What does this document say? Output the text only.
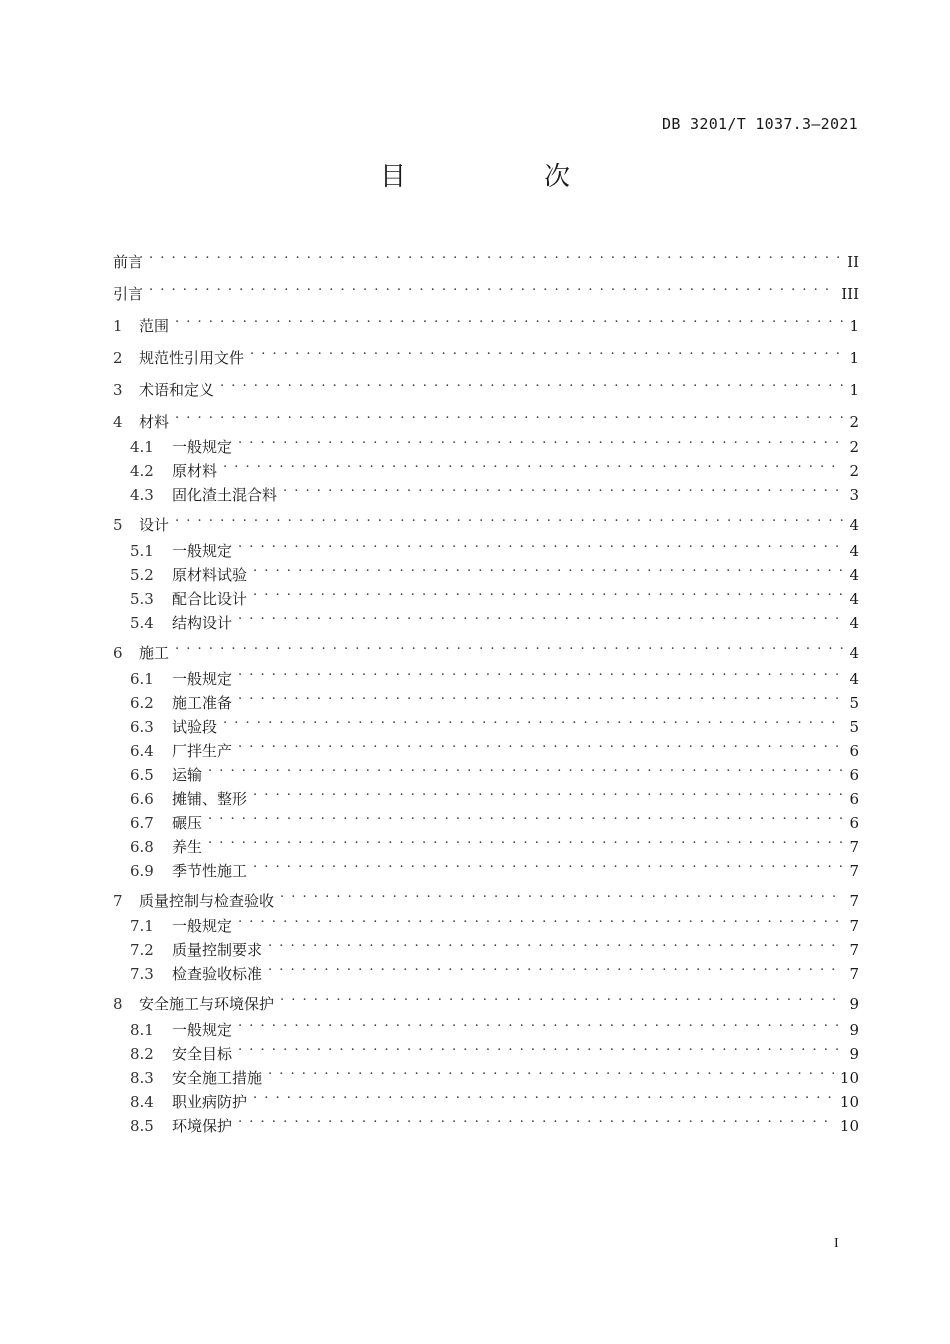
DB 3201/T 1037.3—2021
目　次
前言 . . .	II
引言 . . .	III
1	范围 . . .	1
2	规范性引用文件 . . .	1
3	术语和定义 . . .	1
4	材料 . . .	2
4.1	一般规定 . . .	2
4.2	原材料 . . .	2
4.3	固化渣土混合料 . . .	3
5	设计 . . .	4
5.1	一般规定 . . .	4
5.2	原材料试验 . . .	4
5.3	配合比设计 . . .	4
5.4	结构设计 . . .	4
6	施工 . . .	4
6.1	一般规定 . . .	4
6.2	施工准备 . . .	5
6.3	试验段 . . .	5
6.4	厂拌生产 . . .	6
6.5	运输 . . .	6
6.6	摊铺、整形 . . .	6
6.7	碾压 . . .	6
6.8	养生 . . .	7
6.9	季节性施工 . . .	7
7	质量控制与检查验收 . . .	7
7.1	一般规定 . . .	7
7.2	质量控制要求 . . .	7
7.3	检查验收标准 . . .	7
8	安全施工与环境保护 . . .	9
8.1	一般规定 . . .	9
8.2	安全目标 . . .	9
8.3	安全施工措施 . . .	10
8.4	职业病防护 . . .	10
8.5	环境保护 . . .	10
I
